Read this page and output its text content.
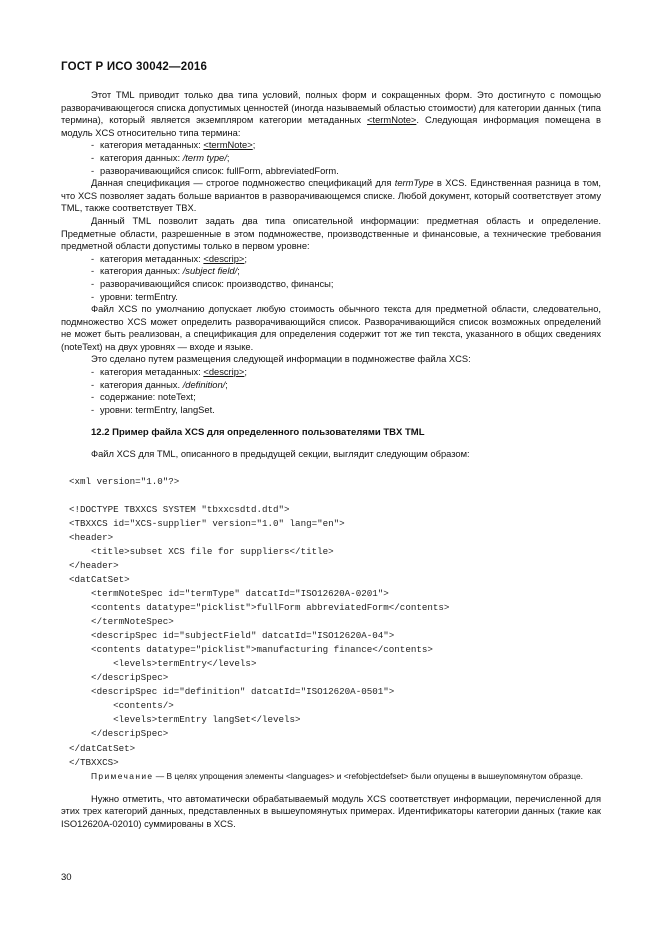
ГОСТ Р ИСО 30042—2016

Этот TML приводит только два типа условий, полных форм и сокращенных форм. Это достигнуто с помощью разворачивающегося списка допустимых ценностей (иногда называемый областью стоимости) для категории данных (типа термина), который является экземпляром категории метаданных <termNote>. Следующая информация помещена в модуль XCS относительно типа термина:

- категория метаданных: <termNote>;
- категория данных: /term type/;
- разворачивающийся список: fullForm, abbreviatedForm.

Данная спецификация — строгое подмножество спецификаций для termType в XCS. Единственная разница в том, что XCS позволяет задать больше вариантов в разворачивающемся списке. Любой документ, который соответствует этому TML, также соответствует TBX.

Данный TML позволит задать два типа описательной информации: предметная область и определение. Предметные области, разрешенные в этом подмножестве, производственные и финансовые, а технические требования предметной области допустимы только в первом уровне:

- категория метаданных: <descrip>;
- категория данных: /subject field/;
- разворачивающийся список: производство, финансы;
- уровни: termEntry.

Файл XCS по умолчанию допускает любую стоимость обычного текста для предметной области, следовательно, подмножество XCS может определить разворачивающийся список. Разворачивающийся список возможных определений не может быть реализован, а спецификация для определения содержит тот же тип текста, указанного в общих сведениях (noteText) на двух уровнях — входе и языке.

Это сделано путем размещения следующей информации в подмножестве файла XCS:

- категория метаданных: <descrip>;
- категория данных. /definition/;
- содержание: noteText;
- уровни: termEntry, langSet.
12.2 Пример файла XCS для определенного пользователями TBX TML

Файл XCS для TML, описанного в предыдущей секции, выглядит следующим образом:

<xml version="1.0"?>

<!DOCTYPE TBXXCS SYSTEM "tbxxcsdtd.dtd">
<TBXXCS id="XCS-supplier" version="1.0" lang="en">
<header>
<title>subset XCS file for suppliers</title>
</header>
<datCatSet>
<termNoteSpec id="termType" datcatId="ISO12620A-0201">
<contents datatype="picklist">fullForm abbreviatedForm</contents>
</termNoteSpec>
<descripSpec id="subjectField" datcatId="ISO12620A-04">
<contents datatype="picklist">manufacturing finance</contents>
<levels>termEntry</levels>
</descripSpec>
<descripSpec id="definition" datcatId="ISO12620A-0501">
<contents/>
<levels>termEntry langSet</levels>
</descripSpec>
</datCatSet>
</TBXXCS>

Примечание — В целях упрощения элементы <languages> и <refobjectdefset> были опущены в вышеупомянутом образце.

Нужно отметить, что автоматически обрабатываемый модуль XCS соответствует информации, перечисленной для этих трех категорий данных, представленных в вышеупомянутых примерах. Идентификаторы категории данных (такие как ISO12620A-02010) суммированы в XCS.

30
